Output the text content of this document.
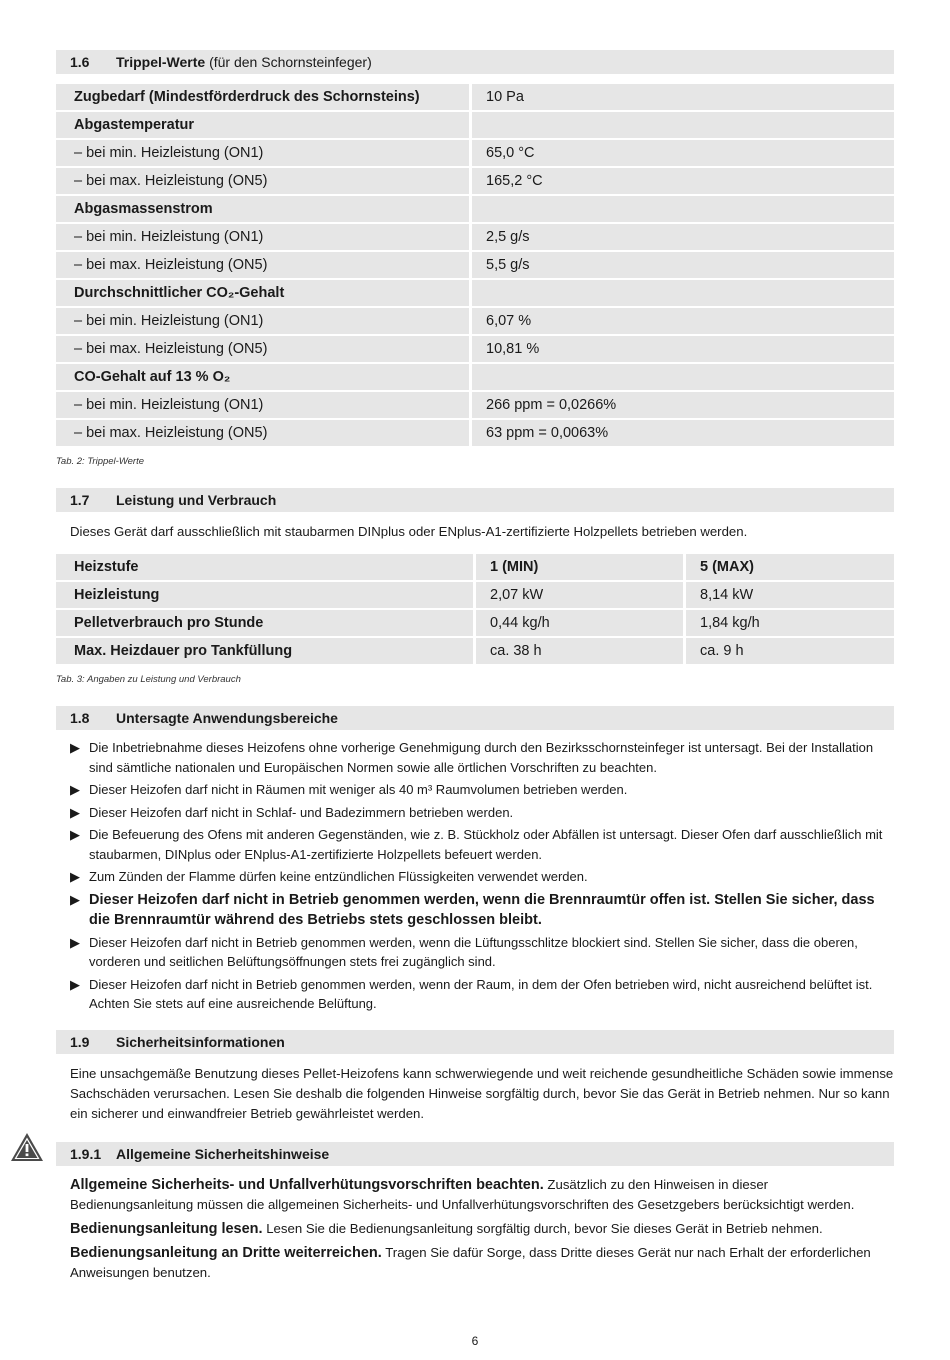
1.6	Trippel-Werte (für den Schornsteinfeger)
Zugbedarf (Mindestförderdruck des Schornsteins)	10 Pa
Abgastemperatur	
– bei min. Heizleistung (ON1)	65,0 °C
– bei max. Heizleistung (ON5)	165,2 °C
Abgasmassenstrom	
– bei min. Heizleistung (ON1)	2,5 g/s
– bei max. Heizleistung (ON5)	5,5 g/s
Durchschnittlicher CO₂-Gehalt	
– bei min. Heizleistung (ON1)	6,07 %
– bei max. Heizleistung (ON5)	10,81 %
CO-Gehalt auf 13 % O₂	
– bei min. Heizleistung (ON1)	266 ppm = 0,0266%
– bei max. Heizleistung (ON5)	63 ppm = 0,0063%

Tab. 2: Trippel-Werte

1.7	Leistung und Verbrauch

Dieses Gerät darf ausschließlich mit staubarmen DINplus oder ENplus-A1-zertifizierte Holzpellets betrieben werden.

Heizstufe	1 (MIN)	5 (MAX)
Heizleistung	2,07 kW	8,14 kW
Pelletverbrauch pro Stunde	0,44 kg/h	1,84 kg/h
Max. Heizdauer pro Tankfüllung	ca. 38 h	ca. 9 h

Tab. 3: Angaben zu Leistung und Verbrauch

1.8	Untersagte Anwendungsbereiche
▶ Die Inbetriebnahme dieses Heizofens ohne vorherige Genehmigung durch den Bezirksschornsteinfeger ist untersagt. Bei der Installation sind sämtliche nationalen und Europäischen Normen sowie alle örtlichen Vorschriften zu beachten.
▶ Dieser Heizofen darf nicht in Räumen mit weniger als 40 m³ Raumvolumen betrieben werden.
▶ Dieser Heizofen darf nicht in Schlaf- und Badezimmern betrieben werden.
▶ Die Befeuerung des Ofens mit anderen Gegenständen, wie z. B. Stückholz oder Abfällen ist untersagt. Dieser Ofen darf ausschließlich mit staubarmen, DINplus oder ENplus-A1-zertifizierte Holzpellets befeuert werden.
▶ Zum Zünden der Flamme dürfen keine entzündlichen Flüssigkeiten verwendet werden.
▶ Dieser Heizofen darf nicht in Betrieb genommen werden, wenn die Brennraumtür offen ist. Stellen Sie sicher, dass die Brennraumtür während des Betriebs stets geschlossen bleibt.
▶ Dieser Heizofen darf nicht in Betrieb genommen werden, wenn die Lüftungsschlitze blockiert sind. Stellen Sie sicher, dass die oberen, vorderen und seitlichen Belüftungsöffnungen stets frei zugänglich sind.
▶ Dieser Heizofen darf nicht in Betrieb genommen werden, wenn der Raum, in dem der Ofen betrieben wird, nicht ausreichend belüftet ist. Achten Sie stets auf eine ausreichende Belüftung.
1.9	Sicherheitsinformationen

Eine unsachgemäße Benutzung dieses Pellet-Heizofens kann schwerwiegende und weit reichende gesundheitliche Schäden sowie immense Sachschäden verursachen. Lesen Sie deshalb die folgenden Hinweise sorgfältig durch, bevor Sie das Gerät in Betrieb nehmen. Nur so kann ein sicherer und einwandfreier Betrieb gewährleistet werden.

1.9.1	Allgemeine Sicherheitshinweise

Allgemeine Sicherheits- und Unfallverhütungsvorschriften beachten. Zusätzlich zu den Hinweisen in dieser Bedienungsanleitung müssen die allgemeinen Sicherheits- und Unfallverhütungsvorschriften des Gesetzgebers berücksichtigt werden.

Bedienungsanleitung lesen. Lesen Sie die Bedienungsanleitung sorgfältig durch, bevor Sie dieses Gerät in Betrieb nehmen.

Bedienungsanleitung an Dritte weiterreichen. Tragen Sie dafür Sorge, dass Dritte dieses Gerät nur nach Erhalt der erforderlichen Anweisungen benutzen.

6
